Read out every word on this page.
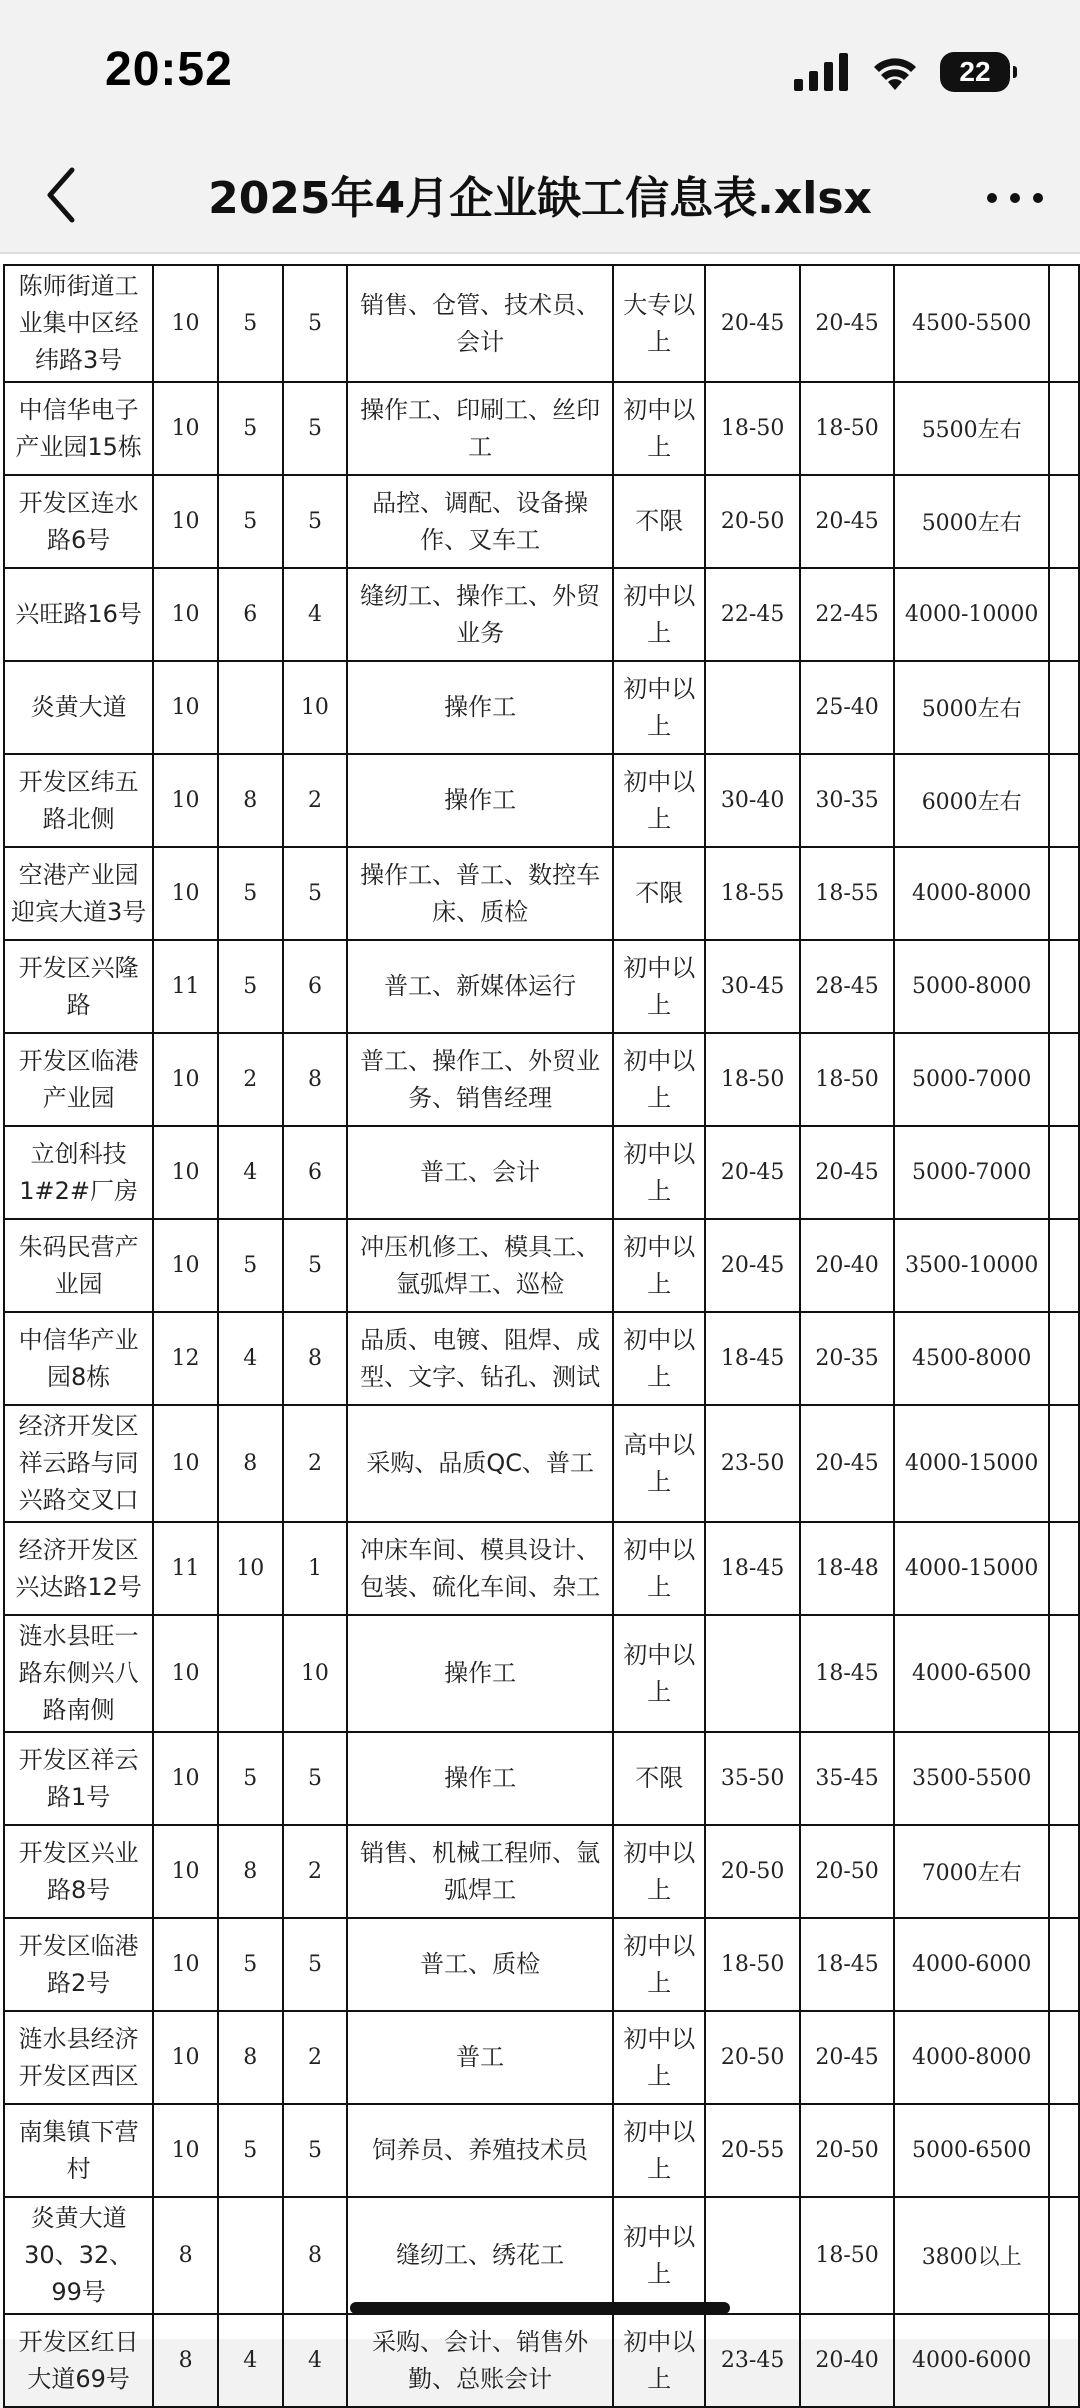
20:52	22
2025年4月企业缺工信息表.xlsx
陈师街道工业集中区经纬路3号	10	5	5	销售、仓管、技术员、会计	大专以上	20-45	20-45	4500-5500	
中信华电子产业园15栋	10	5	5	操作工、印刷工、丝印工	初中以上	18-50	18-50	5500左右	
开发区连水路6号	10	5	5	品控、调配、设备操作、叉车工	不限	20-50	20-45	5000左右	
兴旺路16号	10	6	4	缝纫工、操作工、外贸业务	初中以上	22-45	22-45	4000-10000	
炎黄大道	10		10	操作工	初中以上		25-40	5000左右	
开发区纬五路北侧	10	8	2	操作工	初中以上	30-40	30-35	6000左右	
空港产业园迎宾大道3号	10	5	5	操作工、普工、数控车床、质检	不限	18-55	18-55	4000-8000	
开发区兴隆路	11	5	6	普工、新媒体运行	初中以上	30-45	28-45	5000-8000	
开发区临港产业园	10	2	8	普工、操作工、外贸业务、销售经理	初中以上	18-50	18-50	5000-7000	
立创科技1#2#厂房	10	4	6	普工、会计	初中以上	20-45	20-45	5000-7000	
朱码民营产业园	10	5	5	冲压机修工、模具工、氩弧焊工、巡检	初中以上	20-45	20-40	3500-10000	
中信华产业园8栋	12	4	8	品质、电镀、阻焊、成型、文字、钻孔、测试	初中以上	18-45	20-35	4500-8000	
经济开发区祥云路与同兴路交叉口	10	8	2	采购、品质QC、普工	高中以上	23-50	20-45	4000-15000	
经济开发区兴达路12号	11	10	1	冲床车间、模具设计、包装、硫化车间、杂工	初中以上	18-45	18-48	4000-15000	
涟水县旺一路东侧兴八路南侧	10		10	操作工	初中以上		18-45	4000-6500	
开发区祥云路1号	10	5	5	操作工	不限	35-50	35-45	3500-5500	
开发区兴业路8号	10	8	2	销售、机械工程师、氩弧焊工	初中以上	20-50	20-50	7000左右	
开发区临港路2号	10	5	5	普工、质检	初中以上	18-50	18-45	4000-6000	
涟水县经济开发区西区	10	8	2	普工	初中以上	20-50	20-45	4000-8000	
南集镇下营村	10	5	5	饲养员、养殖技术员	初中以上	20-55	20-50	5000-6500	
炎黄大道30、32、99号	8		8	缝纫工、绣花工	初中以上		18-50	3800以上	
开发区红日大道69号	8	4	4	采购、会计、销售外勤、总账会计	初中以上	23-45	20-40	4000-6000	
